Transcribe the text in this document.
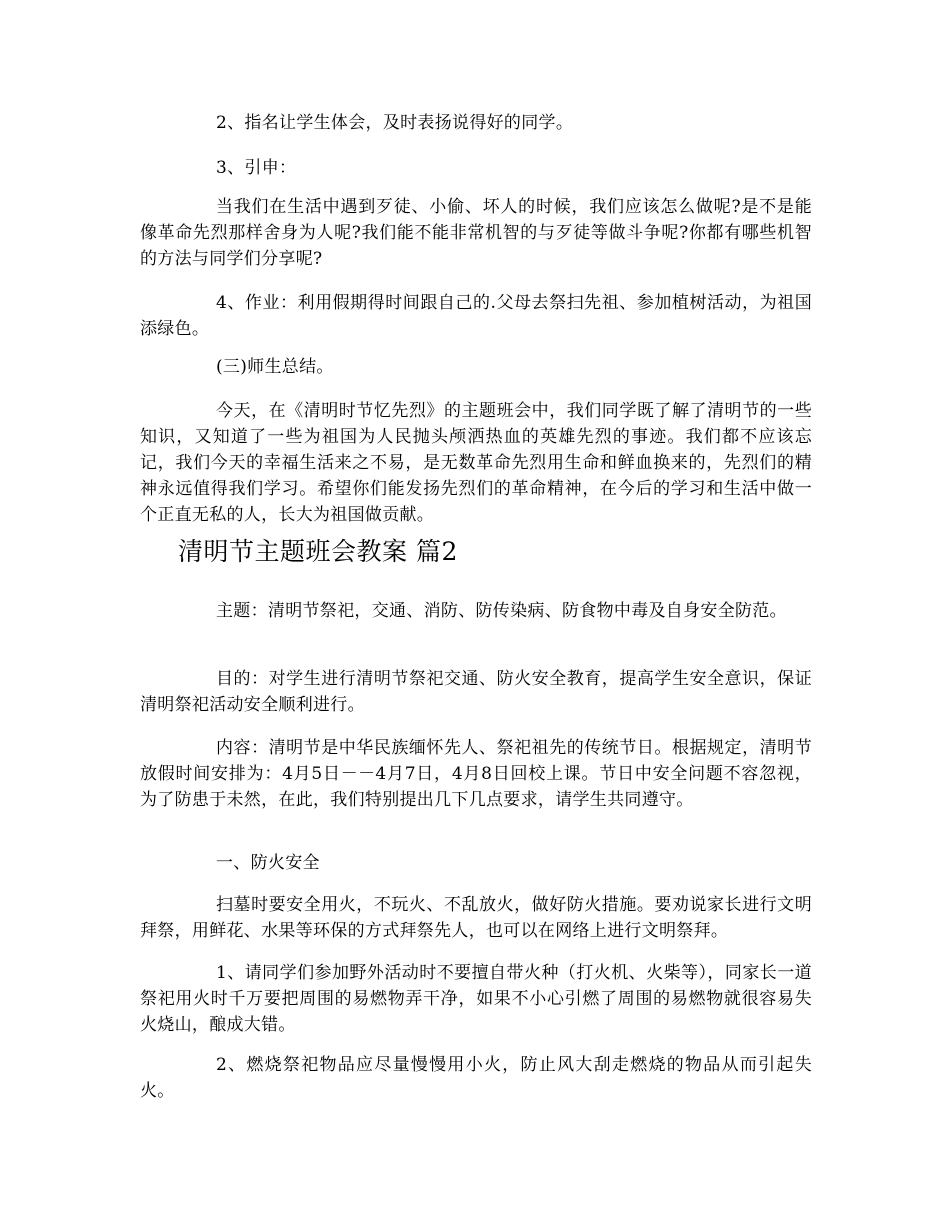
2、指名让学生体会，及时表扬说得好的同学。

3、引申：

当我们在生活中遇到歹徒、小偷、坏人的时候，我们应该怎么做呢?是不是能像革命先烈那样舍身为人呢?我们能不能非常机智的与歹徒等做斗争呢?你都有哪些机智的方法与同学们分享呢?

4、作业：利用假期得时间跟自己的.父母去祭扫先祖、参加植树活动，为祖国添绿色。

(三)师生总结。

今天，在《清明时节忆先烈》的主题班会中，我们同学既了解了清明节的一些知识，又知道了一些为祖国为人民抛头颅洒热血的英雄先烈的事迹。我们都不应该忘记，我们今天的幸福生活来之不易，是无数革命先烈用生命和鲜血换来的，先烈们的精神永远值得我们学习。希望你们能发扬先烈们的革命精神，在今后的学习和生活中做一个正直无私的人，长大为祖国做贡献。

清明节主题班会教案 篇2

主题：清明节祭祀，交通、消防、防传染病、防食物中毒及自身安全防范。

目的：对学生进行清明节祭祀交通、防火安全教育，提高学生安全意识，保证清明祭祀活动安全顺利进行。

内容：清明节是中华民族缅怀先人、祭祀祖先的传统节日。根据规定，清明节放假时间安排为：4月5日－－4月7日，4月8日回校上课。节日中安全问题不容忽视，为了防患于未然，在此，我们特别提出几下几点要求，请学生共同遵守。

一、防火安全

扫墓时要安全用火，不玩火、不乱放火，做好防火措施。要劝说家长进行文明拜祭，用鲜花、水果等环保的方式拜祭先人，也可以在网络上进行文明祭拜。

1、请同学们参加野外活动时不要擅自带火种（打火机、火柴等），同家长一道祭祀用火时千万要把周围的易燃物弄干净，如果不小心引燃了周围的易燃物就很容易失火烧山，酿成大错。

2、燃烧祭祀物品应尽量慢慢用小火，防止风大刮走燃烧的物品从而引起失火。
